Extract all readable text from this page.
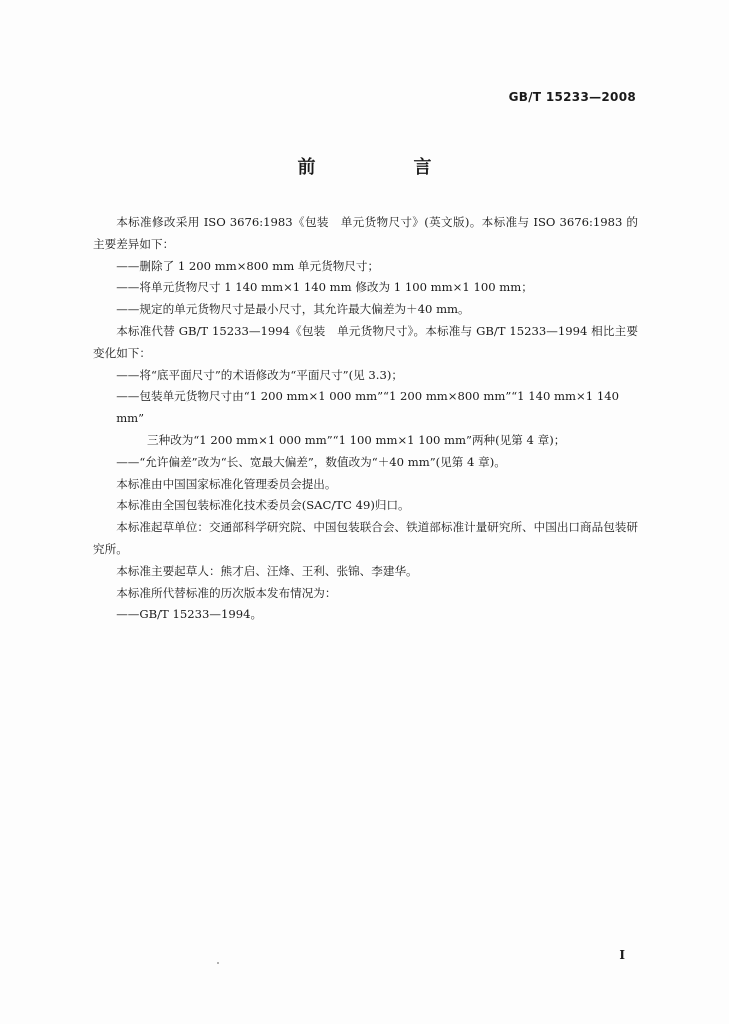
GB/T 15233—2008
前　言

本标准修改采用 ISO 3676:1983《包装　单元货物尺寸》(英文版)。本标准与 ISO 3676:1983 的主要差异如下：

——删除了 1 200 mm×800 mm 单元货物尺寸；

——将单元货物尺寸 1 140 mm×1 140 mm 修改为 1 100 mm×1 100 mm；

——规定的单元货物尺寸是最小尺寸，其允许最大偏差为＋40 mm。

本标准代替 GB/T 15233—1994《包装　单元货物尺寸》。本标准与 GB/T 15233—1994 相比主要变化如下：

——将“底平面尺寸”的术语修改为“平面尺寸”(见 3.3)；

——包装单元货物尺寸由“1 200 mm×1 000 mm”“1 200 mm×800 mm”“1 140 mm×1 140 mm”

三种改为“1 200 mm×1 000 mm”“1 100 mm×1 100 mm”两种(见第 4 章)；

——“允许偏差”改为“长、宽最大偏差”，数值改为“＋40 mm”(见第 4 章)。

本标准由中国国家标准化管理委员会提出。

本标准由全国包装标准化技术委员会(SAC/TC 49)归口。

本标准起草单位：交通部科学研究院、中国包装联合会、铁道部标准计量研究所、中国出口商品包装研究所。

本标准主要起草人：熊才启、汪烽、王利、张锦、李建华。

本标准所代替标准的历次版本发布情况为：

——GB/T 15233—1994。

I
